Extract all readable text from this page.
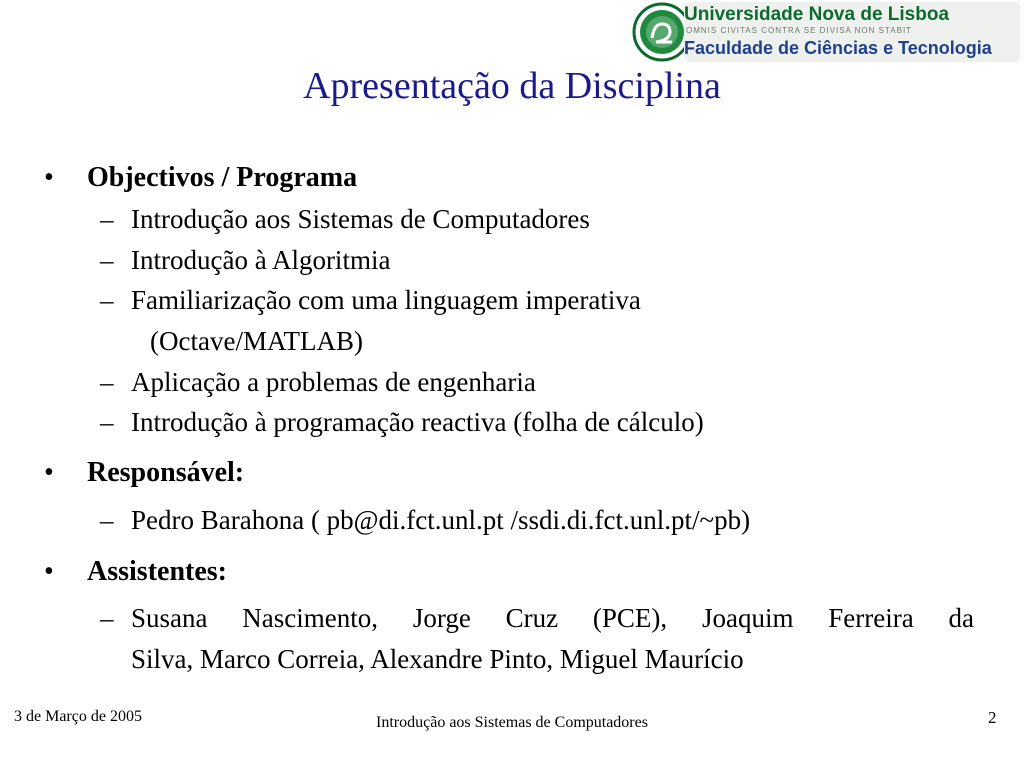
Universidade Nova de Lisboa
OMNIS CIVITAS CONTRA SE DIVISA NON STABIT
Faculdade de Ciências e Tecnologia
Apresentação da Disciplina
• Objectivos / Programa
– Introdução aos Sistemas de Computadores
– Introdução à Algoritmia
– Familiarização com uma linguagem imperativa
(Octave/MATLAB)
– Aplicação a problemas de engenharia
– Introdução à programação reactiva (folha de cálculo)
• Responsável:
– Pedro Barahona ( pb@di.fct.unl.pt /ssdi.di.fct.unl.pt/~pb)
• Assistentes:
– Susana Nascimento, Jorge Cruz (PCE), Joaquim Ferreira da
Silva, Marco Correia, Alexandre Pinto, Miguel Maurício
3 de Março de 2005	Introdução aos Sistemas de Computadores	2
